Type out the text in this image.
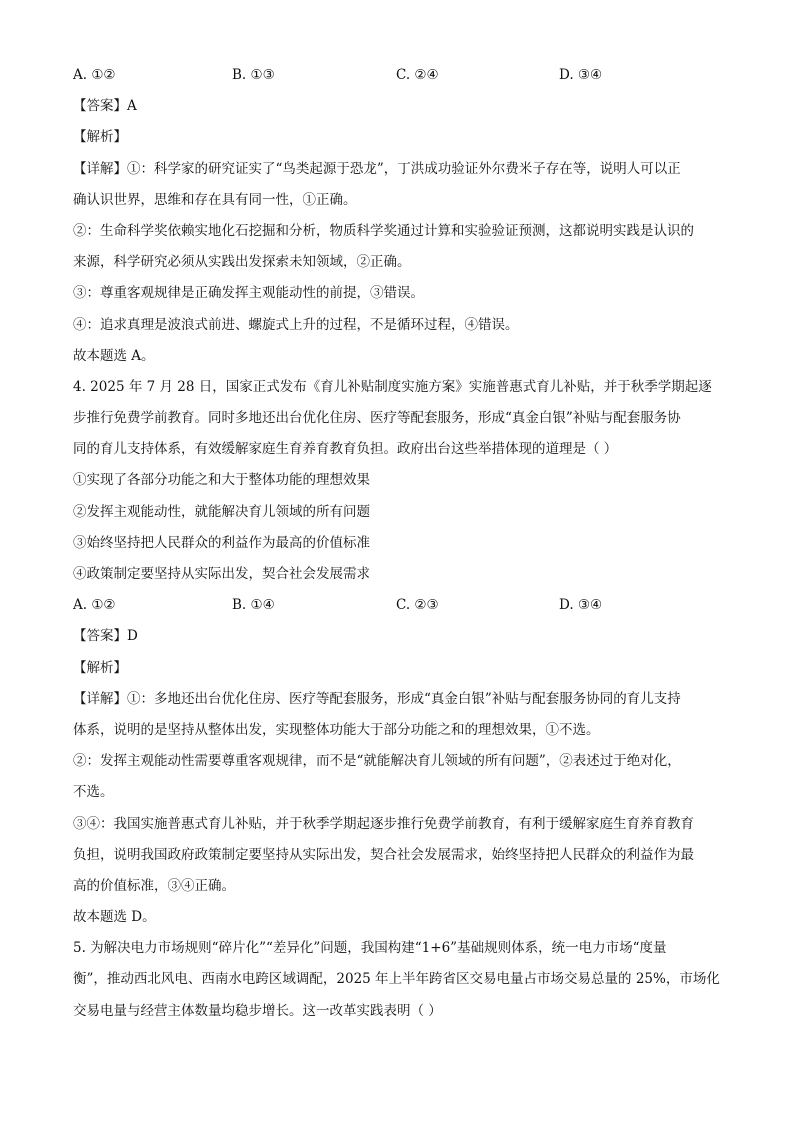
A. ①②	B. ①③	C. ②④	D. ③④
【答案】A
【解析】
【详解】①：科学家的研究证实了“鸟类起源于恐龙”，丁洪成功验证外尔费米子存在等，说明人可以正
确认识世界，思维和存在具有同一性，①正确。
②：生命科学奖依赖实地化石挖掘和分析，物质科学奖通过计算和实验验证预测，这都说明实践是认识的
来源，科学研究必须从实践出发探索未知领域，②正确。
③：尊重客观规律是正确发挥主观能动性的前提，③错误。
④：追求真理是波浪式前进、螺旋式上升的过程，不是循环过程，④错误。
故本题选 A。
4. 2025 年 7 月 28 日，国家正式发布《育儿补贴制度实施方案》实施普惠式育儿补贴，并于秋季学期起逐
步推行免费学前教育。同时多地还出台优化住房、医疗等配套服务，形成“真金白银”补贴与配套服务协
同的育儿支持体系，有效缓解家庭生育养育教育负担。政府出台这些举措体现的道理是（ ）
①实现了各部分功能之和大于整体功能的理想效果
②发挥主观能动性，就能解决育儿领域的所有问题
③始终坚持把人民群众的利益作为最高的价值标准
④政策制定要坚持从实际出发，契合社会发展需求
A. ①②	B. ①④	C. ②③	D. ③④
【答案】D
【解析】
【详解】①：多地还出台优化住房、医疗等配套服务，形成“真金白银”补贴与配套服务协同的育儿支持
体系，说明的是坚持从整体出发，实现整体功能大于部分功能之和的理想效果，①不选。
②：发挥主观能动性需要尊重客观规律，而不是“就能解决育儿领域的所有问题”，②表述过于绝对化，
不选。
③④：我国实施普惠式育儿补贴，并于秋季学期起逐步推行免费学前教育，有利于缓解家庭生育养育教育
负担，说明我国政府政策制定要坚持从实际出发，契合社会发展需求，始终坚持把人民群众的利益作为最
高的价值标准，③④正确。
故本题选 D。
5. 为解决电力市场规则“碎片化”“差异化”问题，我国构建“1+6”基础规则体系，统一电力市场“度量
衡”，推动西北风电、西南水电跨区域调配，2025 年上半年跨省区交易电量占市场交易总量的 25%，市场化
交易电量与经营主体数量均稳步增长。这一改革实践表明（ ）
